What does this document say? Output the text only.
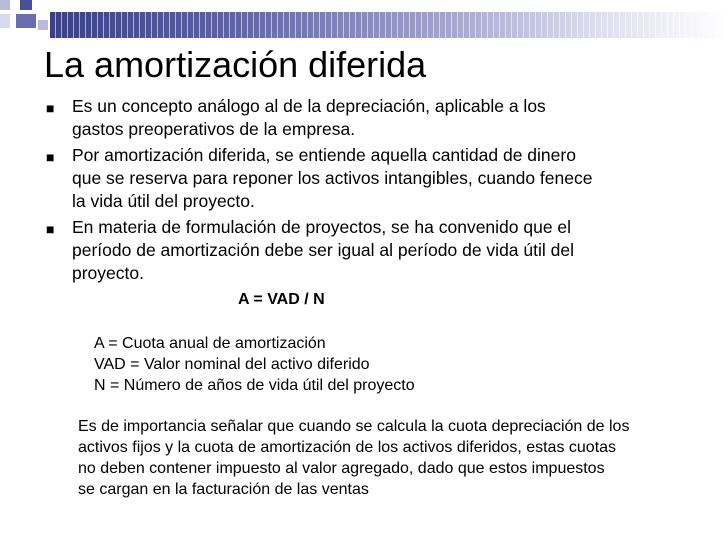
La amortización diferida
■ Es un concepto análogo al de la depreciación, aplicable a los
gastos preoperativos de la empresa.
■ Por amortización diferida, se entiende aquella cantidad de dinero
que se reserva para reponer los activos intangibles, cuando fenece
la vida útil del proyecto.
■ En materia de formulación de proyectos, se ha convenido que el
período de amortización debe ser igual al período de vida útil del
proyecto.
A = VAD / N
A = Cuota anual de amortización
VAD = Valor nominal del activo diferido
N = Número de años de vida útil del proyecto
Es de importancia señalar que cuando se calcula la cuota depreciación de los
activos fijos y la cuota de amortización de los activos diferidos, estas cuotas
no deben contener impuesto al valor agregado, dado que estos impuestos
se cargan en la facturación de las ventas
